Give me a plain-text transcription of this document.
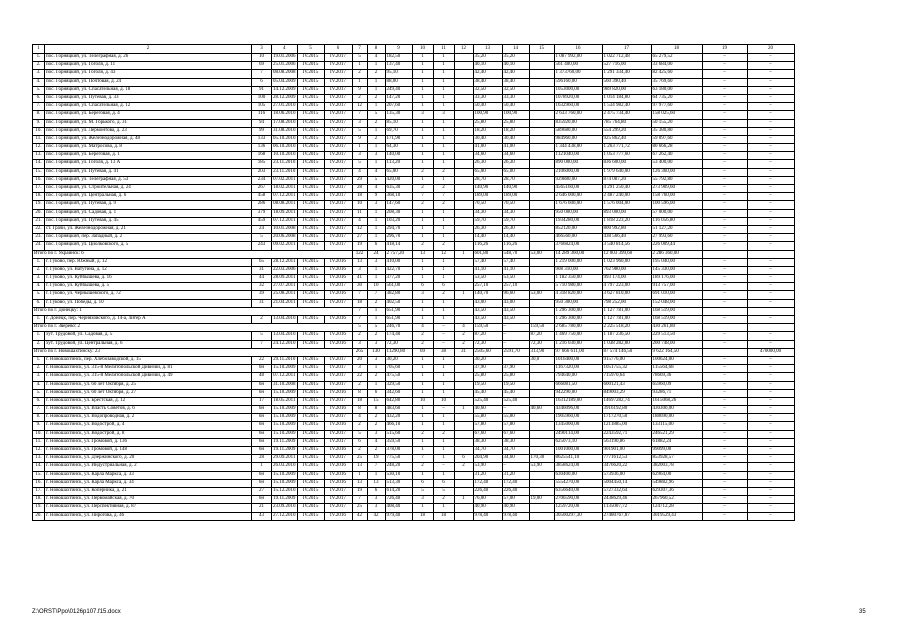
1	2	3	4	5	6	7	8	9	10	11	12	13	14	15	16	17	18	19	20
1.	пос. Горняцкий, ул. Телеграфная, д. 26	10	19.01.2006	IV.2015	IV.2017	5	4	182,50	1	1		35,20	35,20		1 087 992,00	1 022 712,48	65 279,52	–	–
2.	пос. Горняцкий, ул. Гоголя, д. 11	69	25.01.2006	IV.2015	IV.2017	1	1	137,40	1	1		40,10	40,10		561 400,00	527 716,00	33 684,00	–	–
3.	пос. Горняцкий, ул. Гоголя, д. 43	7	08.08.2008	IV.2015	IV.2017	2	2	95,10	1	1		42,40	42,40		1 373760,00	1 291 334,40	82 425,60	–	–
4.	пос. Горняцкий, ул. Почтовая, д. 24	6	05.04.2009	IV.2015	IV.2017	1	1	88,00	1	1		38,40	38,40		596160,00	560 390,40	35 769,60	–	–
5.	пос. Горняцкий, ул. Спасательная, д. 18	91	14.12.2009	IV.2015	IV.2017	9	1	249,40	1	1		32,50	32,50		1053000,00	989 820,00	63 180,00	–	–
6.	пос. Горняцкий, ул. Путевая, д. 33	100	28.12.2009	IV.2015	IV.2017	2	2	147,20	1	1		33,30	33,30		1078920,00	1 014 184,80	64 735,20	–	–
7.	пос. Горняцкий, ул. Спасательная, д. 12	105	27.01.2010	IV.2015	IV.2017	12	1	207,60	1	1		50,40	50,40		1632960,00	1 534 982,40	97 977,60	–	–
8.	пос. Горняцкий, ул. Береговая, д. 4	116	18.06.2010	IV.2015	IV.2017	7	5	135,30	3	3		100,90	100,90		2 633 760,00	2 475 734,40	158 025,60	–	–
9.	пос. Горняцкий, ул. М. Горького, д. 31	94	17.08.2010	IV.2015	IV.2017	3	2	85,10	1	1		25,80	25,80		835920,00	785 764,80	50 155,20	–	–
10.	пос. Горняцкий, ул. Лермонтова, д. 23	99	31.08.2010	IV.2015	IV.2017	5	1	69,70	1	1		18,20	18,20		589680,00	554 299,20	35 380,80	–	–
11.	пос. Горняцкий, ул. Железнодорожная, д. 48	133	05.10.2010	IV.2015	IV.2017	9	2	171,90	1	1		30,40	30,40		984960,00	925 862,40	59 097,60	–	–
12.	пос. Горняцкий, ул. Матросова, д. 8	136	06.10.2010	IV.2015	IV.2017	1	1	64,30	1	1		41,00	41,00		1 344 438,00	1 263 771,72	80 666,28	–	–
13.	пос. Горняцкий, ул. Береговая, д. 1	168	10.10.2010	IV.2015	IV.2017	3	3	140,00	1	1		34,60	34,60		1121040,00	1 053 777,60	67 262,40	–	–
14.	пос. Горняцкий, ул. Гоголя, д. 13 А	185	23.11.2010	IV.2015	IV.2017	5	1	113,20	1	1		26,30	26,30		890 000,00	836 600,00	53 400,00	–	–
15.	пос. Горняцкий, ул. Путевая, д. 41	203	23.11.2010	IV.2015	IV.2017	4	4	65,00	2	2		65,00	65,00		2106000,00	1 979 640,00	126 360,00	–	–
16.	пос. Горняцкий, ул. Телеграфная, д. 53	234	07.02.2011	IV.2015	IV.2017	29	5	420,00	1	1		28,70	28,70		929880,00	874 087,20	55 792,80	–	–
17.	пос. Горняцкий, ул. Строительная, д. 24	267	18.02.2011	IV.2015	IV.2017	28	4	635,30	2	2		140,90	140,90		4565160,00	4 291 250,40	273 909,60	–	–
18.	пос. Горняцкий, ул. Центральная, д. 6	458	07.12.2011	IV.2015	IV.2017	18	9	368,10	7	7		189,00	189,00		2 646 000,00	2 487 240,00	158 760,00	–	–
19.	пос. Горняцкий, ул. Путевая, д. 9	286	08.08.2011	IV.2015	IV.2017	10	3	147,60	2	2		70,50	70,50		1 676 600,00	1 576 004,00	100 596,00	–	–
20.	пос. Горняцкий, ул. Садовая, д. 1	379	18.09.2011	IV.2015	IV.2017	11	1	208,30	1	1		34,30	34,30		950 000,00	893 000,00	57 000,00	–	–
21.	пос. Горняцкий, ул. Путевая, д. 45	459	07.12.2011	IV.2015	IV.2017	4	1	103,20	1	1		59,70	59,70		1934280,00	1 818 223,20	116 056,80	–	–
22.	ст. Грачи, ул. Железнодорожная, д. 21	24	10.01.2008	IV.2015	IV.2017	12	1	294,70	1	1		26,30	26,30		852120,00	800 992,80	51 127,20	–	–
23.	пос. Горняцкий, пер. Западный, д. 2	5	20.06.2008	IV.2015	IV.2017	27	1	296,70	1	1		14,40	14,40		466560,00	438 566,40	27 993,60	–	–
24.	пос. Горняцкий, ул. Циолковского, д. 5	243	09.02.2011	IV.2015	IV.2017	19	6	418,14	2	2		116,26	116,26		3766824,00	3 540 814,56	226 009,44	–	–
Итого по г. Украинск: 6						122	24	2 757,20	13	12	1	601,80	548,70	53,00	14 289 360,00	12 003 399,60	2 286 360,00		
1.	г. Гуково, пер. Южный, д. 12	65	28.12.2011	IV.2015	IV.2016	13	3	410,00	1	1		57,40	57,40		1 219 000,00	1 023 960,00	195 040,00	–	–
2.	г. Гуково, ул. Ватутина, д. 12	31	22.03.2006	IV.2015	IV.2016	3	1	422,70	1	1		41,10	41,10		908 310,00	762 980,00	145 330,00	–	–
3.	г. Гуково, ул. Куйбышева, д. 16	44	28.09.2011	IV.2015	IV.2016	41	1	377,20	1	1		53,50	53,50		1 182 350,00	993 174,00	189 176,00	–	–
4.	г. Гуково, ул. Куйбышева, д. 5	32	27.07.2011	IV.2015	IV.2017	30	10	561,00	6	6		257,10	257,10		5 710 980,00	4 797 223,00	913 757,00	–	–
5.	г. Гуково, ул. Чернышевского, д. 72	39	25.08.2011	IV.2015	IV.2016	7	7	382,80	3	2	1	140,70	96,60	53,00	4 318 820,00	3 627 810,00	691 010,00	–	–
6.	г. Гуково, ул. Победы, д. 10	31	21.04.2011	IV.2015	IV.2017	18	2	402,50	1	1		43,00	43,00		950 300,00	798 252,00	152 048,00	–	–
Итого по г. Донецку: 1						7	1	651,90	1	1		43,50	43,50		1 296 300,00	1 127 781,00	168 519,00		
1.	г. Донецк, пер. Черняховского, д. 14-а, литер А	2	13.04.2010	IV.2015	IV.2016	7	1	651,90	1	1		43,50	43,50		1 296 300,00	1 127 781,00	168 519,00	–	–
Итого по г. Зверево: 2						5	5	246,70	4	–	4	159,50	–	159,50	2 685 780,00	2 225 518,20	430 261,80		
1.	хут. Трудовой, ул. Садовая, д. 5	5	13.04.2010	IV.2015	IV.2016	2	2	174,40	2	–	2	87,20	–	87,20	1 469 750,00	1 187 236,50	229 513,50	–	–
2.	хут. Трудовой, ул. Центральная, д. 6	7	24.12.2010	IV.2015	IV.2016	3	3	72,30	2	–	2	72,30	–	72,30	1 216 030,00	1 038 282,00	200 748,00	–	–
Итого по г. Новошахтинску: 23						265	130	11290,80	69	38	31	2505,60	2591,70	313,90	97 666 611,00	87 574 146,50	9 622 164,50		470000,00
1.	г. Новошахтинск, пер. Хлебозаводской, д. 15	22	29.11.2010	IV.2015	IV.2017	20	3	30,20	1	1		30,20		30,0	1016400,00	915776,00	100624,00	–	–
2.	г. Новошахтинск, ул. 315-й Мелитопольской Дивизии, д. 81	6н	15.10.2009	IV.2015	IV.2017	3	1	705,60	1	1		37,90	37,90		1167320,00	1051755,32	115564,68	–	–
3.	г. Новошахтинск, ул. 315-й Мелитопольской Дивизии, д. 49	48	07.12.2011	IV.2015	IV.2017	22	2	475,50	1	1		25,80	25,80		794640,00	715970,64	78669,36	–	–
4.	г. Новошахтинск, ул. 60 лет Октября, д. 25	6н	31.10.2008	IV.2015	IV.2017	2	1	329,50	1	1		19,50	19,50		666081,50	600121,43	65960,09	–	–
5.	г. Новошахтинск, ул. 60 лет Октября, д. 27	6н	15.10.2009	IV.2015	IV.2016	8	6	342,60	1	1		45,40	45,40		942290,00	849003,29	93286,71	–	–
6.	г. Новошахтинск, ул. Брестская, д. 12	17	18.05.2011	IV.2015	IV.2017	18	15	642,80	10	10		525,40	525,40		16312189,00	14697282,74	1615068,26	–	–
7.	г. Новошахтинск, ул. Власть Советов, д. 6	6н	15.10.2009	IV.2015	IV.2016	8	8	483,60	1	–	1	40,60	–	40,60	4346096,00	3916192,80	430300,00	–	–
8.	г. Новошахтинск, ул. Водопроводная, д. 2	6н	15.10.2009	IV.2015	IV.2017	4	2	432,20	1	1		55,80	55,80		1905960,00	1717270,50	188690,00	–	–
9.	г. Новошахтинск, ул. Водострой, д. 4	6н	15.10.2009	IV.2015	IV.2016	2	2	466,10	1	1		57,80	57,80		1345000,00	1211885,00	133115,00	–	–
10.	г. Новошахтинск, ул. Водострой, д. 8	6н	15.10.2009	IV.2015	IV.2017	5	3	515,60	2	2		67,60	67,60		2490114,00	2243592,71	246521,29	–	–
11.	г. Новошахтинск, ул. Громовой, д. 136	6н	19.11.2009	IV.2015	IV.2017	6	4	359,50	1	1		38,30	38,30		625073,10	563190,86	61882,24	–	–
12.	г. Новошахтинск, ул. Громовой, д. 148	6н	19.11.2009	IV.2015	IV.2016	2	2	378,00	1	1		34,70	34,70		1001000,00	901901,00	99099,00	–	–
13.	г. Новошахтинск, ул. Дзержинского, д. 20	28	29.09.2011	IV.2015	IV.2017	25	19	775,50	7	1	6	204,90	34,60	170,30	8625541,10	7771612,53	853928,57	–	–
14.	г. Новошахтинск, ул. Индустриальная, д. 2	1	26.03.2010	IV.2015	IV.2016	13	7	248,20	2	–	2	53,90	–	53,90	3858624,00	3476620,22	382003,78	–	–
15.	г. Новошахтинск, ул. Карла Маркса, д. 33	6н	15.10.2009	IV.2015	IV.2016	1	1	530,10	1	1		31,20	31,20		630400,00	573936,00	62964,00	–	–
16.	г. Новошахтинск, ул. Карла Маркса, д. 34	6н	15.10.2009	IV.2015	IV.2016	13	13	513,30	6	6		172,40	172,40		5554270,00	5004450,14	549882,96	–	–
17.	г. Новошахтинск, ул. Коперника, д. 21	27	15.12.2010	IV.2015	IV.2017	19	6	614,20	5	5		226,40	226,40		6356640,00	5727332,64	629307,36	–	–
18.	г. Новошахтинск, ул. Первомайская, д. 70	6н	19.11.2009	IV.2015	IV.2017	7	3	726,40	3	2	1	76,00	57,00	19,00	2706590,00	2438629,46	267960,52	–	–
19.	г. Новошахтинск, ул. Перспективная, д. 87	21	23.09.2010	IV.2015	IV.2017	25	3	408,40	1	1		40,90	40,90		1259720,00	1135007,72	124712,28	–	–
20.	г. Новошахтинск, ул. Пирогова, д. 46	43	27.12.2010	IV.2015	IV.2016	42	42	979,40	18	18		978,40	978,40		30500297,30	27480767,87	3019529,43	–	–
Z:\ORST\Ppo\0126p107.f15.docx	35
